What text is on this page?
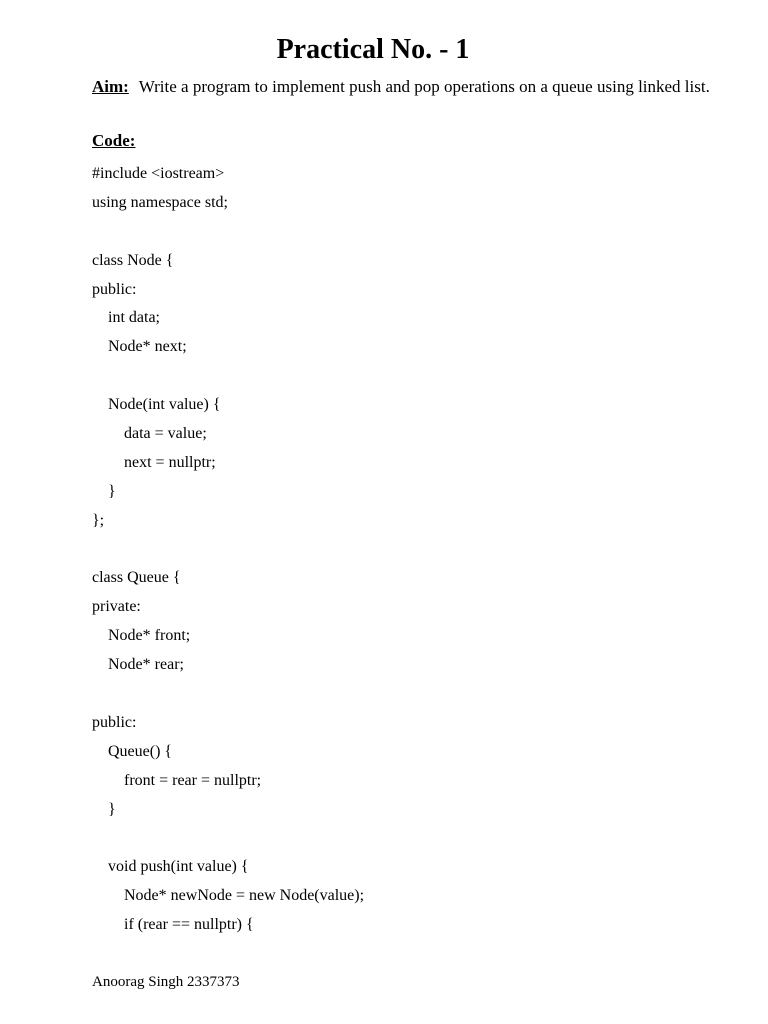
Practical No. - 1
Aim: Write a program to implement push and pop operations on a queue using linked list.
Code:
#include <iostream>
using namespace std;
class Node {
public:
int data;
Node* next;
Node(int value) {
data = value;
next = nullptr;
}
};
class Queue {
private:
Node* front;
Node* rear;
public:
Queue() {
front = rear = nullptr;
}
void push(int value) {
Node* newNode = new Node(value);
if (rear == nullptr) {
Anoorag Singh 2337373
